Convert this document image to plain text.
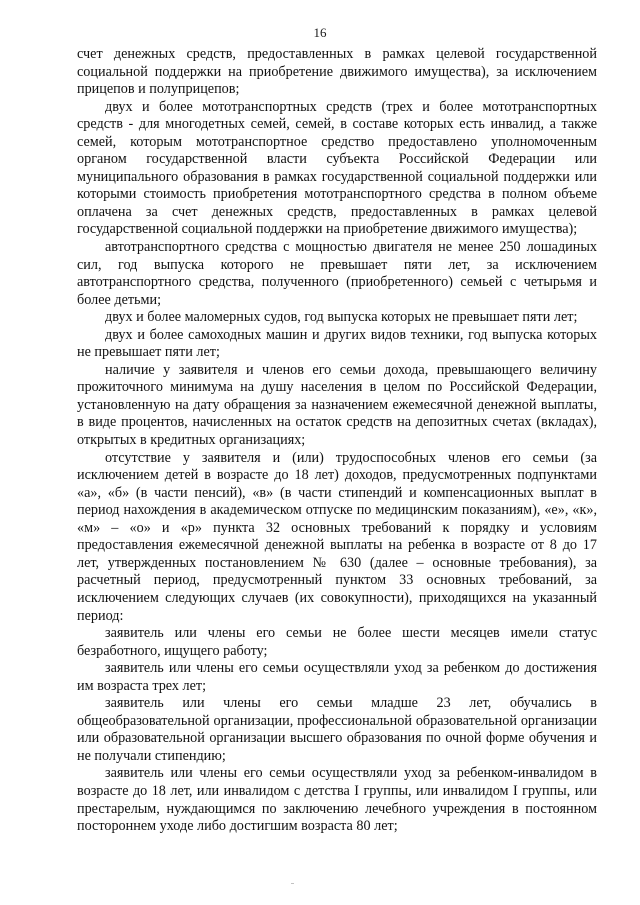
16

счет денежных средств, предоставленных в рамках целевой государственной социальной поддержки на приобретение движимого имущества), за исключением прицепов и полуприцепов;

двух и более мототранспортных средств (трех и более мототранспортных средств - для многодетных семей, семей, в составе которых есть инвалид, а также семей, которым мототранспортное средство предоставлено уполномоченным органом государственной власти субъекта Российской Федерации или муниципального образования в рамках государственной социальной поддержки или которыми стоимость приобретения мототранспортного средства в полном объеме оплачена за счет денежных средств, предоставленных в рамках целевой государственной социальной поддержки на приобретение движимого имущества);

автотранспортного средства с мощностью двигателя не менее 250 лошадиных сил, год выпуска которого не превышает пяти лет, за исключением автотранспортного средства, полученного (приобретенного) семьей с четырьмя и более детьми;

двух и более маломерных судов, год выпуска которых не превышает пяти лет;

двух и более самоходных машин и других видов техники, год выпуска которых не превышает пяти лет;

наличие у заявителя и членов его семьи дохода, превышающего величину прожиточного минимума на душу населения в целом по Российской Федерации, установленную на дату обращения за назначением ежемесячной денежной выплаты, в виде процентов, начисленных на остаток средств на депозитных счетах (вкладах), открытых в кредитных организациях;

отсутствие у заявителя и (или) трудоспособных членов его семьи (за исключением детей в возрасте до 18 лет) доходов, предусмотренных подпунктами «а», «б» (в части пенсий), «в» (в части стипендий и компенсационных выплат в период нахождения в академическом отпуске по медицинским показаниям), «е», «к», «м» – «о» и «р» пункта 32 основных требований к порядку и условиям предоставления ежемесячной денежной выплаты на ребенка в возрасте от 8 до 17 лет, утвержденных постановлением № 630 (далее – основные требования), за расчетный период, предусмотренный пунктом 33 основных требований, за исключением следующих случаев (их совокупности), приходящихся на указанный период:

заявитель или члены его семьи не более шести месяцев имели статус безработного, ищущего работу;

заявитель или члены его семьи осуществляли уход за ребенком до достижения им возраста трех лет;

заявитель или члены его семьи младше 23 лет, обучались в общеобразовательной организации, профессиональной образовательной организации или образовательной организации высшего образования по очной форме обучения и не получали стипендию;

заявитель или члены его семьи осуществляли уход за ребенком-инвалидом в возрасте до 18 лет, или инвалидом с детства I группы, или инвалидом I группы, или престарелым, нуждающимся по заключению лечебного учреждения в постоянном постороннем уходе либо достигшим возраста 80 лет;
